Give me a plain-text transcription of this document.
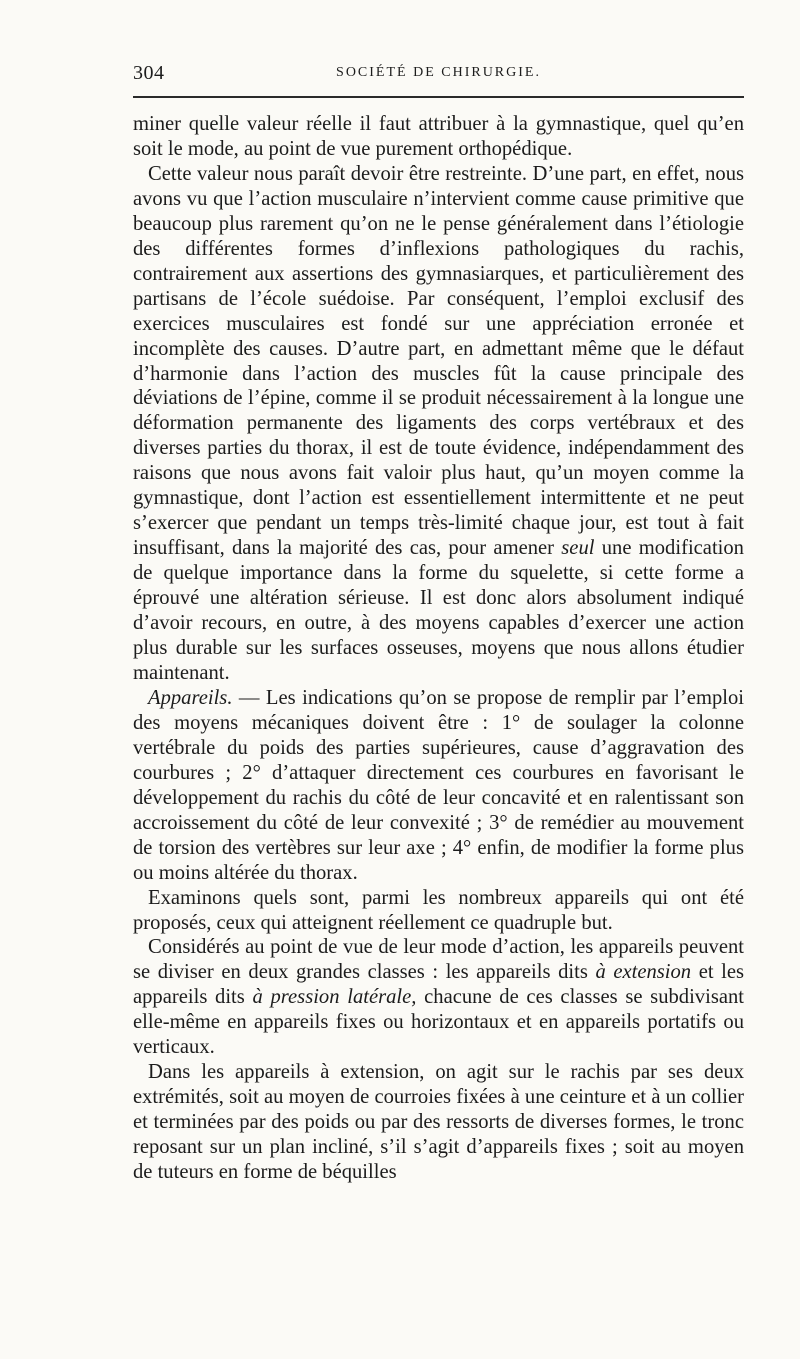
304	SOCIÉTÉ DE CHIRURGIE.

miner quelle valeur réelle il faut attribuer à la gymnastique, quel qu’en soit le mode, au point de vue purement orthopédique.

Cette valeur nous paraît devoir être restreinte. D’une part, en effet, nous avons vu que l’action musculaire n’intervient comme cause primitive que beaucoup plus rarement qu’on ne le pense généralement dans l’étiologie des différentes formes d’inflexions pathologiques du rachis, contrairement aux assertions des gymnasiarques, et particulièrement des partisans de l’école suédoise. Par conséquent, l’emploi exclusif des exercices musculaires est fondé sur une appréciation erronée et incomplète des causes. D’autre part, en admettant même que le défaut d’harmonie dans l’action des muscles fût la cause principale des déviations de l’épine, comme il se produit nécessairement à la longue une déformation permanente des ligaments des corps vertébraux et des diverses parties du thorax, il est de toute évidence, indépendamment des raisons que nous avons fait valoir plus haut, qu’un moyen comme la gymnastique, dont l’action est essentiellement intermittente et ne peut s’exercer que pendant un temps très-limité chaque jour, est tout à fait insuffisant, dans la majorité des cas, pour amener seul une modification de quelque importance dans la forme du squelette, si cette forme a éprouvé une altération sérieuse. Il est donc alors absolument indiqué d’avoir recours, en outre, à des moyens capables d’exercer une action plus durable sur les surfaces osseuses, moyens que nous allons étudier maintenant.

Appareils. — Les indications qu’on se propose de remplir par l’emploi des moyens mécaniques doivent être : 1° de soulager la colonne vertébrale du poids des parties supérieures, cause d’aggravation des courbures ; 2° d’attaquer directement ces courbures en favorisant le développement du rachis du côté de leur concavité et en ralentissant son accroissement du côté de leur convexité ; 3° de remédier au mouvement de torsion des vertèbres sur leur axe ; 4° enfin, de modifier la forme plus ou moins altérée du thorax.

Examinons quels sont, parmi les nombreux appareils qui ont été proposés, ceux qui atteignent réellement ce quadruple but.

Considérés au point de vue de leur mode d’action, les appareils peuvent se diviser en deux grandes classes : les appareils dits à extension et les appareils dits à pression latérale, chacune de ces classes se subdivisant elle-même en appareils fixes ou horizontaux et en appareils portatifs ou verticaux.

Dans les appareils à extension, on agit sur le rachis par ses deux extrémités, soit au moyen de courroies fixées à une ceinture et à un collier et terminées par des poids ou par des ressorts de diverses formes, le tronc reposant sur un plan incliné, s’il s’agit d’appareils fixes ; soit au moyen de tuteurs en forme de béquilles
